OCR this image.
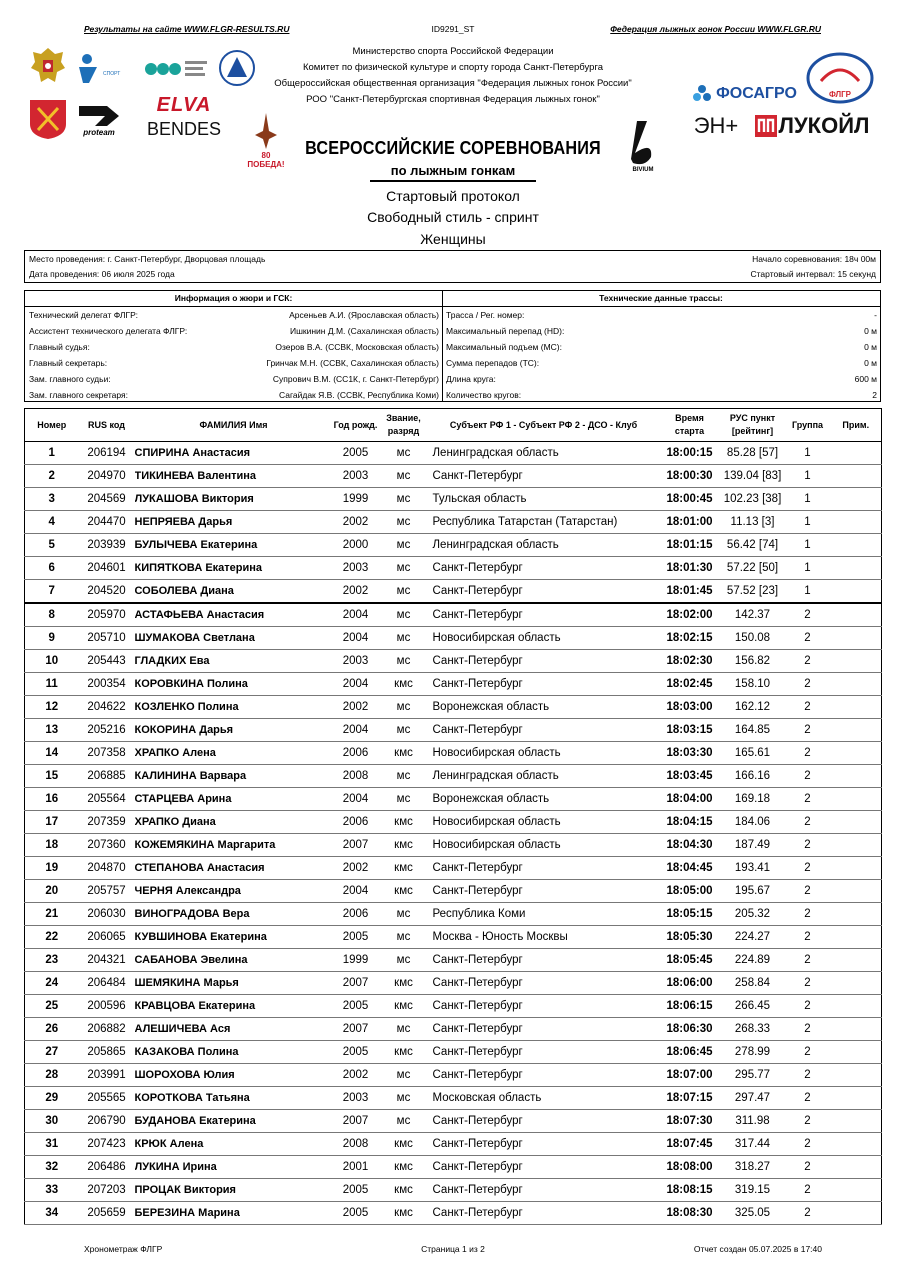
Результаты на сайте WWW.FLGR-RESULTS.RU	ID9291_ST	Федерация лыжных гонок России WWW.FLGR.RU
Министерство спорта Российской Федерации
Комитет по физической культуре и спорту города Санкт-Петербурга
Общероссийская общественная организация "Федерация лыжных гонок России"
РОО "Санкт-Петербургская спортивная Федерация лыжных гонок"
СПОРТ
proteam
ELVA
BENDES
80 ПОБЕДА!
BIVIUM
ФОСАГРО	ФЛГР
ЭН+ ЛУКОЙЛ
ВСЕРОССИЙСКИЕ СОРЕВНОВАНИЯ
по лыжным гонкам
Стартовый протокол
Свободный стиль - спринт
Женщины
Место проведения: г. Санкт-Петербург, Дворцовая площадь
Дата проведения: 06 июля 2025 года
Начало соревнования: 18ч 00м
Стартовый интервал: 15 секунд
Информация о жюри и ГСК:
Технический делегат ФЛГР:	Арсеньев А.И. (Ярославская область)
Ассистент технического делегата ФЛГР:	Ишкинин Д.М. (Сахалинская область)
Главный судья:	Озеров В.А. (ССВК, Московская область)
Главный секретарь:	Гринчак М.Н. (ССВК, Сахалинская область)
Зам. главного судьи:	Супрович В.М. (СС1К, г. Санкт-Петербург)
Зам. главного секретаря:	Сагайдак Я.В. (ССВК, Республика Коми)
Технические данные трассы:
Трасса / Рег. номер:	-
Максимальный перепад (HD):	0 м
Максимальный подъем (MC):	0 м
Сумма перепадов (TC):	0 м
Длина круга:	600 м
Количество кругов:	2
Номер	RUS код	ФАМИЛИЯ Имя	Год рожд.	Звание, разряд	Субъект РФ 1 - Субъект РФ 2 - ДСО - Клуб	Время старта	РУС пункт [рейтинг]	Группа	Прим.
1	206194	СПИРИНА Анастасия	2005	мс	Ленинградская область	18:00:15	85.28 [57]	1	
2	204970	ТИКИНЕВА Валентина	2003	мс	Санкт-Петербург	18:00:30	139.04 [83]	1	
3	204569	ЛУКАШОВА Виктория	1999	мс	Тульская область	18:00:45	102.23 [38]	1	
4	204470	НЕПРЯЕВА Дарья	2002	мс	Республика Татарстан (Татарстан)	18:01:00	11.13 [3]	1	
5	203939	БУЛЫЧЕВА Екатерина	2000	мс	Ленинградская область	18:01:15	56.42 [74]	1	
6	204601	КИПЯТКОВА Екатерина	2003	мс	Санкт-Петербург	18:01:30	57.22 [50]	1	
7	204520	СОБОЛЕВА Диана	2002	мс	Санкт-Петербург	18:01:45	57.52 [23]	1	
8	205970	АСТАФЬЕВА Анастасия	2004	мс	Санкт-Петербург	18:02:00	142.37	2	
9	205710	ШУМАКОВА Светлана	2004	мс	Новосибирская область	18:02:15	150.08	2	
10	205443	ГЛАДКИХ Ева	2003	мс	Санкт-Петербург	18:02:30	156.82	2	
11	200354	КОРОВКИНА Полина	2004	кмс	Санкт-Петербург	18:02:45	158.10	2	
12	204622	КОЗЛЕНКО Полина	2002	мс	Воронежская область	18:03:00	162.12	2	
13	205216	КОКОРИНА Дарья	2004	мс	Санкт-Петербург	18:03:15	164.85	2	
14	207358	ХРАПКО Алена	2006	кмс	Новосибирская область	18:03:30	165.61	2	
15	206885	КАЛИНИНА Варвара	2008	мс	Ленинградская область	18:03:45	166.16	2	
16	205564	СТАРЦЕВА Арина	2004	мс	Воронежская область	18:04:00	169.18	2	
17	207359	ХРАПКО Диана	2006	кмс	Новосибирская область	18:04:15	184.06	2	
18	207360	КОЖЕМЯКИНА Маргарита	2007	кмс	Новосибирская область	18:04:30	187.49	2	
19	204870	СТЕПАНОВА Анастасия	2002	кмс	Санкт-Петербург	18:04:45	193.41	2	
20	205757	ЧЕРНЯ Александра	2004	кмс	Санкт-Петербург	18:05:00	195.67	2	
21	206030	ВИНОГРАДОВА Вера	2006	мс	Республика Коми	18:05:15	205.32	2	
22	206065	КУВШИНОВА Екатерина	2005	мс	Москва - Юность Москвы	18:05:30	224.27	2	
23	204321	САБАНОВА Эвелина	1999	мс	Санкт-Петербург	18:05:45	224.89	2	
24	206484	ШЕМЯКИНА Марья	2007	кмс	Санкт-Петербург	18:06:00	258.84	2	
25	200596	КРАВЦОВА Екатерина	2005	кмс	Санкт-Петербург	18:06:15	266.45	2	
26	206882	АЛЕШИЧЕВА Ася	2007	мс	Санкт-Петербург	18:06:30	268.33	2	
27	205865	КАЗАКОВА Полина	2005	кмс	Санкт-Петербург	18:06:45	278.99	2	
28	203991	ШОРОХОВА Юлия	2002	мс	Санкт-Петербург	18:07:00	295.77	2	
29	205565	КОРОТКОВА Татьяна	2003	мс	Московская область	18:07:15	297.47	2	
30	206790	БУДАНОВА Екатерина	2007	мс	Санкт-Петербург	18:07:30	311.98	2	
31	207423	КРЮК Алена	2008	кмс	Санкт-Петербург	18:07:45	317.44	2	
32	206486	ЛУКИНА Ирина	2001	кмс	Санкт-Петербург	18:08:00	318.27	2	
33	207203	ПРОЦАК Виктория	2005	кмс	Санкт-Петербург	18:08:15	319.15	2	
34	205659	БЕРЕЗИНА Марина	2005	кмс	Санкт-Петербург	18:08:30	325.05	2	
Хронометраж ФЛГР	Страница 1 из 2	Отчет создан 05.07.2025 в 17:40
